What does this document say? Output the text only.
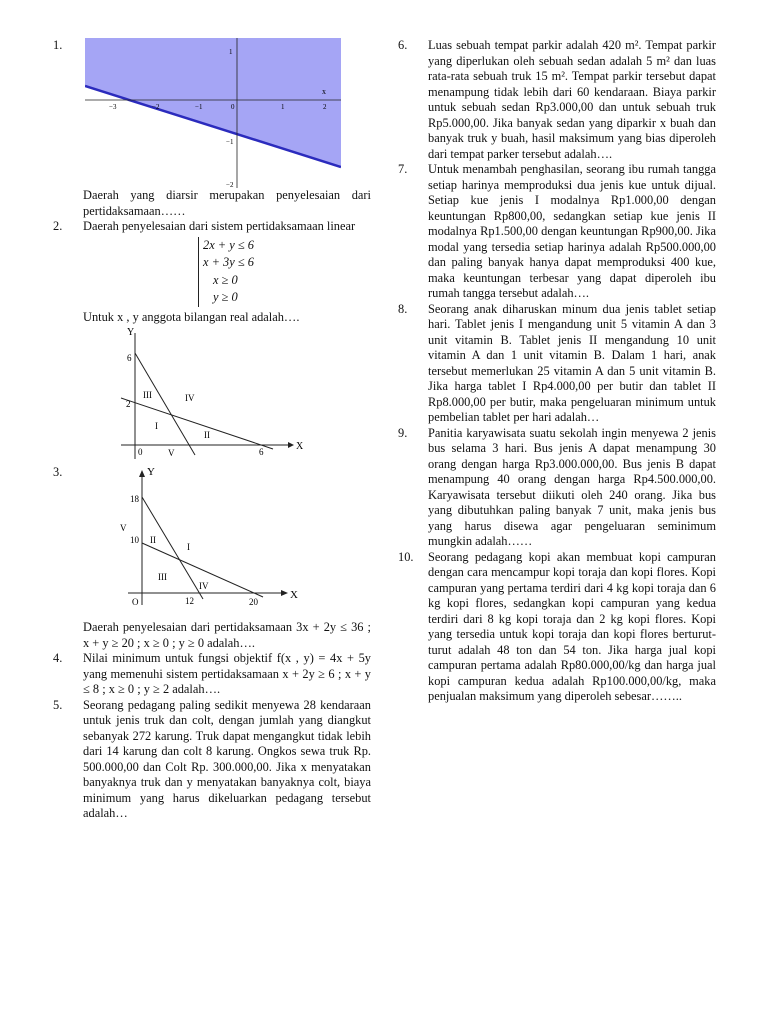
1.
x
−3	−2	−1	0	1	2
1
−1
−2
Daerah yang diarsir merupakan penyelesaian dari pertidaksamaan……
2.	Daerah penyelesaian dari sistem pertidaksamaan linear
2x + y ≤ 6
x + 3y ≤ 6
x ≥ 0
y ≥ 0
Untuk x , y anggota bilangan real adalah….
Y
X
6
2
0	6
III	IV
I
II
V
3.	Y
X
18
10
O	12	20
V
II
I
III
IV
Daerah penyelesaian dari pertidaksamaan 3x + 2y ≤ 36 ; x + y ≥ 20 ; x ≥ 0 ; y ≥ 0 adalah….
4.	Nilai minimum untuk fungsi objektif f(x , y) = 4x + 5y yang memenuhi sistem pertidaksamaan x + 2y ≥ 6 ; x + y ≤ 8 ; x ≥ 0 ; y ≥ 2 adalah….
5.	Seorang pedagang paling sedikit menyewa 28 kendaraan untuk jenis truk dan colt, dengan jumlah yang diangkut sebanyak 272 karung. Truk dapat mengangkut tidak lebih dari 14 karung dan colt 8 karung. Ongkos sewa truk Rp. 500.000,00 dan Colt Rp. 300.000,00. Jika x menyatakan banyaknya truk dan y menyatakan banyaknya colt, biaya minimum yang harus dikeluarkan pedagang tersebut adalah…
6.	Luas sebuah tempat parkir adalah 420 m². Tempat parkir yang diperlukan oleh sebuah sedan adalah 5 m² dan luas rata-rata sebuah truk 15 m². Tempat parkir tersebut dapat menampung tidak lebih dari 60 kendaraan. Biaya parkir untuk sebuah sedan Rp3.000,00 dan untuk sebuah truk Rp5.000,00. Jika banyak sedan yang diparkir x buah dan banyak truk y buah, hasil maksimum yang bias diperoleh dari tempat parker tersebut adalah….
7.	Untuk menambah penghasilan, seorang ibu rumah tangga setiap harinya memproduksi dua jenis kue untuk dijual. Setiap kue jenis I modalnya Rp1.000,00 dengan keuntungan Rp800,00, sedangkan setiap kue jenis II modalnya Rp1.500,00 dengan keuntungan Rp900,00. Jika modal yang tersedia setiap harinya adalah Rp500.000,00 dan paling banyak hanya dapat memproduksi 400 kue, maka keuntungan terbesar yang dapat diperoleh ibu rumah tangga tersebut adalah….
8.	Seorang anak diharuskan minum dua jenis tablet setiap hari. Tablet jenis I mengandung unit 5 vitamin A dan 3 unit vitamin B. Tablet jenis II mengandung 10 unit vitamin A dan 1 unit vitamin B. Dalam 1 hari, anak tersebut memerlukan 25 vitamin A dan 5 unit vitamin B. Jika harga tablet I Rp4.000,00 per butir dan tablet II Rp8.000,00 per butir, maka pengeluaran minimum untuk pembelian tablet per hari adalah…
9.	Panitia karyawisata suatu sekolah ingin menyewa 2 jenis bus selama 3 hari. Bus jenis A dapat menampung 30 orang dengan harga Rp3.000.000,00. Bus jenis B dapat menampung 40 orang dengan harga Rp4.500.000,00. Karyawisata tersebut diikuti oleh 240 orang. Jika bus yang dibutuhkan paling banyak 7 unit, maka jenis bus yang harus disewa agar pengeluaran seminimum mungkin adalah……
10.	Seorang pedagang kopi akan membuat kopi campuran dengan cara mencampur kopi toraja dan kopi flores. Kopi campuran yang pertama terdiri dari 4 kg kopi toraja dan 6 kg kopi flores, sedangkan kopi campuran yang kedua terdiri dari 8 kg kopi toraja dan 2 kg kopi flores. Kopi yang tersedia untuk kopi toraja dan kopi flores berturut-turut adalah 48 ton dan 54 ton. Jika harga jual kopi campuran pertama adalah Rp80.000,00/kg dan harga jual kopi campuran kedua adalah Rp100.000,00/kg, maka penjualan maksimum yang diperoleh sebesar……..
